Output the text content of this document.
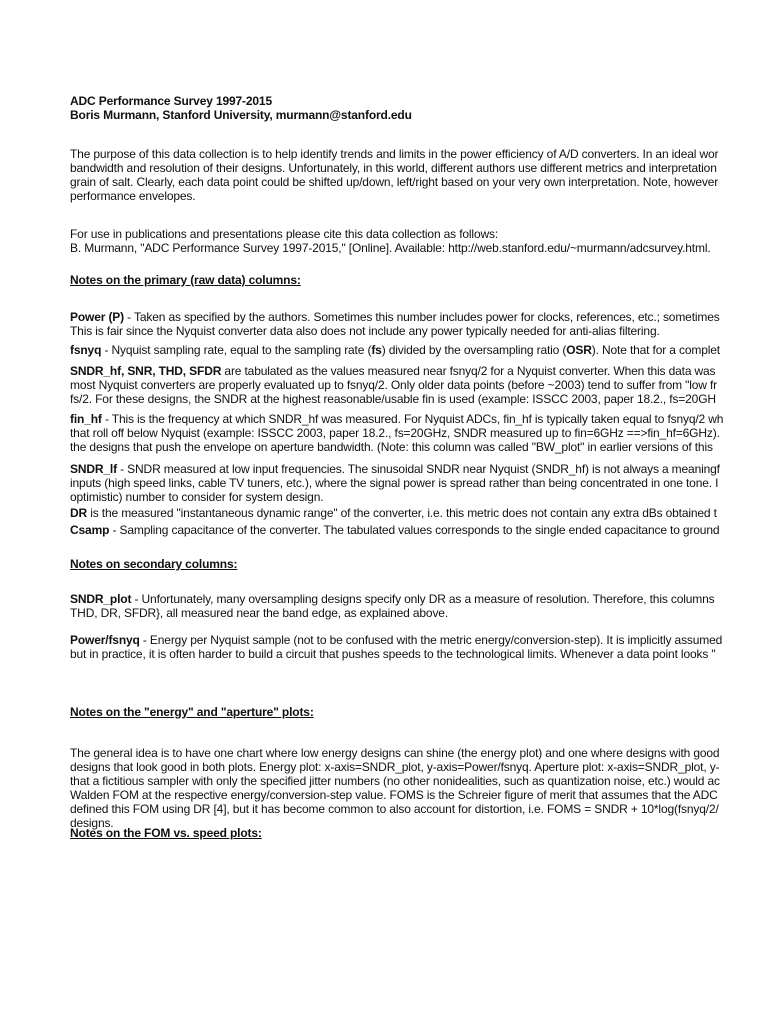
ADC Performance Survey 1997-2015
Boris Murmann, Stanford University, murmann@stanford.edu
The purpose of this data collection is to help identify trends and limits in the power efficiency of A/D converters. In an ideal wor
bandwidth and resolution of their designs. Unfortunately, in this world, different authors use different metrics and interpretation
grain of salt. Clearly, each data point could be shifted up/down, left/right based on your very own interpretation. Note, however
performance envelopes.
For use in publications and presentations please cite this data collection as follows:
B. Murmann, "ADC Performance Survey 1997-2015," [Online]. Available: http://web.stanford.edu/~murmann/adcsurvey.html.
Notes on the primary (raw data) columns:
Power (P) - Taken as specified by the authors. Sometimes this number includes power for clocks, references, etc.; sometimes
This is fair since the Nyquist converter data also does not include any power typically needed for anti-alias filtering.
fsnyq - Nyquist sampling rate, equal to the sampling rate (fs) divided by the oversampling ratio (OSR). Note that for a complet
SNDR_hf, SNR, THD, SFDR are tabulated as the values measured near fsnyq/2 for a Nyquist converter. When this data was
most Nyquist converters are properly evaluated up to fsnyq/2. Only older data points (before ~2003) tend to suffer from "low fr
fs/2. For these designs, the SNDR at the highest reasonable/usable fin is used (example: ISSCC 2003, paper 18.2., fs=20GH
fin_hf - This is the frequency at which SNDR_hf was measured. For Nyquist ADCs, fin_hf is typically taken equal to fsnyq/2 wh
that roll off below Nyquist (example: ISSCC 2003, paper 18.2., fs=20GHz, SNDR measured up to fin=6GHz ==>fin_hf=6GHz).
the designs that push the envelope on aperture bandwidth. (Note: this column was called "BW_plot" in earlier versions of this
SNDR_lf - SNDR measured at low input frequencies. The sinusoidal SNDR near Nyquist (SNDR_hf) is not always a meaningf
inputs (high speed links, cable TV tuners, etc.), where the signal power is spread rather than being concentrated in one tone. I
optimistic) number to consider for system design.
DR is the measured "instantaneous dynamic range" of the converter, i.e. this metric does not contain any extra dBs obtained t
Csamp - Sampling capacitance of the converter. The tabulated values corresponds to the single ended capacitance to ground
Notes on secondary columns:
SNDR_plot - Unfortunately, many oversampling designs specify only DR as a measure of resolution. Therefore, this columns
THD, DR, SFDR}, all measured near the band edge, as explained above.
Power/fsnyq - Energy per Nyquist sample (not to be confused with the metric energy/conversion-step). It is implicitly assumed
but in practice, it is often harder to build a circuit that pushes speeds to the technological limits. Whenever a data point looks "
Notes on the "energy" and "aperture" plots:
The general idea is to have one chart where low energy designs can shine (the energy plot) and one where designs with good
designs that look good in both plots. Energy plot: x-axis=SNDR_plot, y-axis=Power/fsnyq. Aperture plot: x-axis=SNDR_plot, y-
that a fictitious sampler with only the specified jitter numbers (no other nonidealities, such as quantization noise, etc.) would ac
Walden FOM at the respective energy/conversion-step value. FOMS is the Schreier figure of merit that assumes that the ADC
defined this FOM using DR [4], but it has become common to also account for distortion, i.e. FOMS = SNDR + 10*log(fsnyq/2/
designs.
Notes on the FOM vs. speed plots:
